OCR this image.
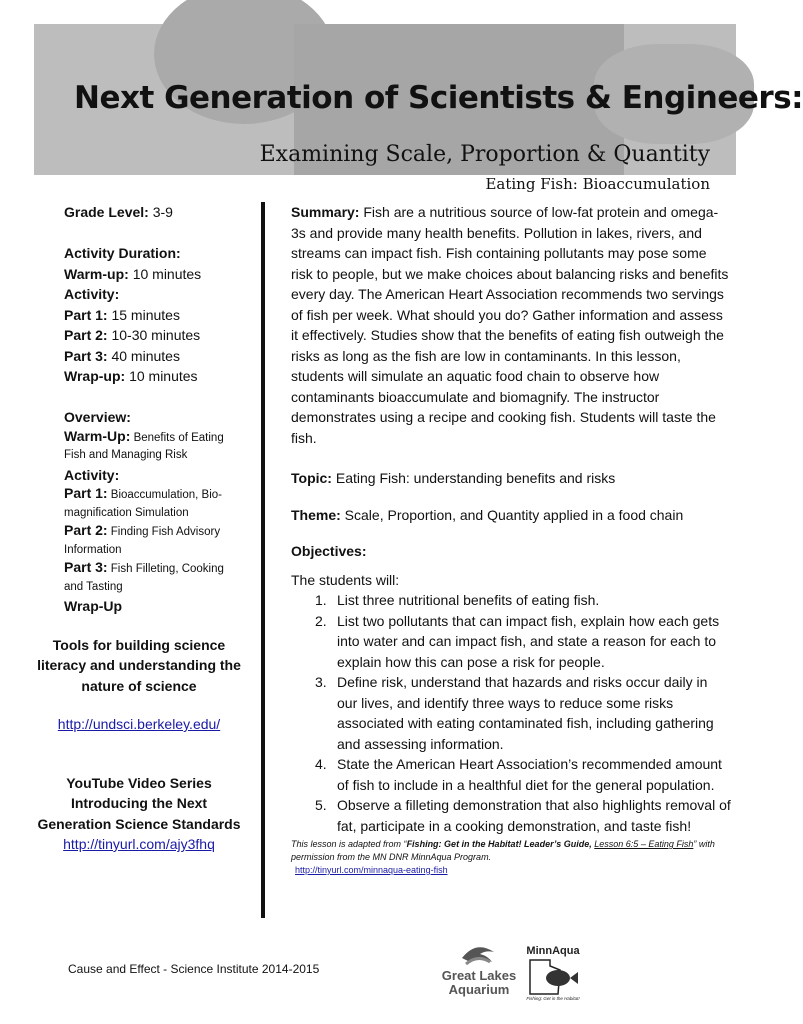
Next Generation of Scientists & Engineers:
Examining Scale, Proportion & Quantity
Eating Fish: Bioaccumulation
Grade Level: 3-9
Activity Duration:
Warm-up: 10 minutes
Activity:
Part 1: 15 minutes
Part 2: 10-30 minutes
Part 3: 40 minutes
Wrap-up: 10 minutes
Overview:
Warm-Up: Benefits of Eating Fish and Managing Risk
Activity:
Part 1: Bioaccumulation, Bio-magnification Simulation
Part 2: Finding Fish Advisory Information
Part 3: Fish Filleting, Cooking and Tasting
Wrap-Up
Tools for building science literacy and understanding the nature of science
http://undsci.berkeley.edu/
YouTube Video Series Introducing the Next Generation Science Standards
http://tinyurl.com/ajy3fhq

Summary: Fish are a nutritious source of low-fat protein and omega-3s and provide many health benefits. Pollution in lakes, rivers, and streams can impact fish. Fish containing pollutants may pose some risk to people, but we make choices about balancing risks and benefits every day. The American Heart Association recommends two servings of fish per week. What should you do? Gather information and assess it effectively. Studies show that the benefits of eating fish outweigh the risks as long as the fish are low in contaminants. In this lesson, students will simulate an aquatic food chain to observe how contaminants bioaccumulate and biomagnify. The instructor demonstrates using a recipe and cooking fish. Students will taste the fish.

Topic: Eating Fish: understanding benefits and risks

Theme: Scale, Proportion, and Quantity applied in a food chain

Objectives:

The students will:

1. List three nutritional benefits of eating fish.
2. List two pollutants that can impact fish, explain how each gets into water and can impact fish, and state a reason for each to explain how this can pose a risk for people.
3. Define risk, understand that hazards and risks occur daily in our lives, and identify three ways to reduce some risks associated with eating contaminated fish, including gathering and assessing information.
4. State the American Heart Association’s recommended amount of fish to include in a healthful diet for the general population.
5. Observe a filleting demonstration that also highlights removal of fat, participate in a cooking demonstration, and taste fish!
This lesson is adapted from “Fishing: Get in the Habitat! Leader’s Guide, Lesson 6:5 – Eating Fish” with permission from the MN DNR MinnAqua Program.
http://tinyurl.com/minnaqua-eating-fish
Cause and Effect - Science Institute 2014-2015	Great Lakes
Aquarium
MinnAqua
Fishing: Get in the Habitat!
